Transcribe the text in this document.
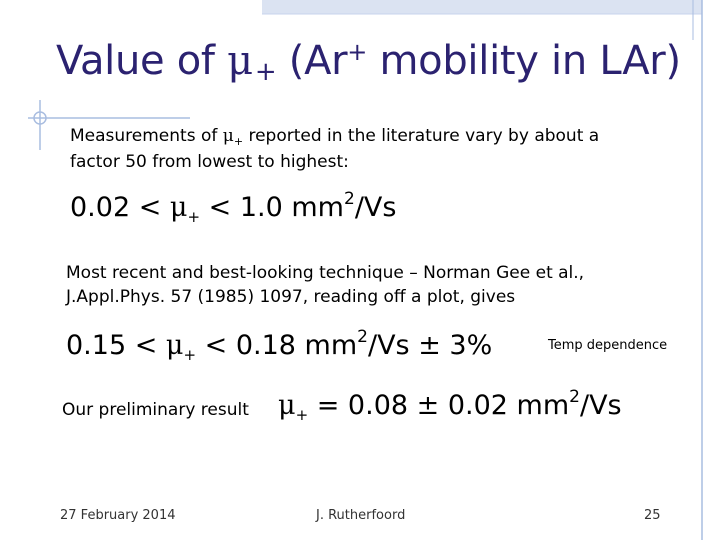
Value of μ+ (Ar+ mobility in LAr)
Measurements of $\mu_+$ reported in the literature vary by about a
factor 50 from lowest to highest:
$0.02 < \mu_+ < 1.0$ $mm^2/Vs$
Most recent and best-looking technique – Norman Gee et al.,
J.Appl.Phys. 57 (1985) 1097, reading off a plot, gives
$0.15 < \mu_+ < 0.18$ $mm^2/Vs \pm 3\%$	Temp dependence
Our preliminary result $\mu_+ = 0.08 \pm 0.02$ $mm^2/Vs$
27 February 2014	J. Rutherfoord	25
